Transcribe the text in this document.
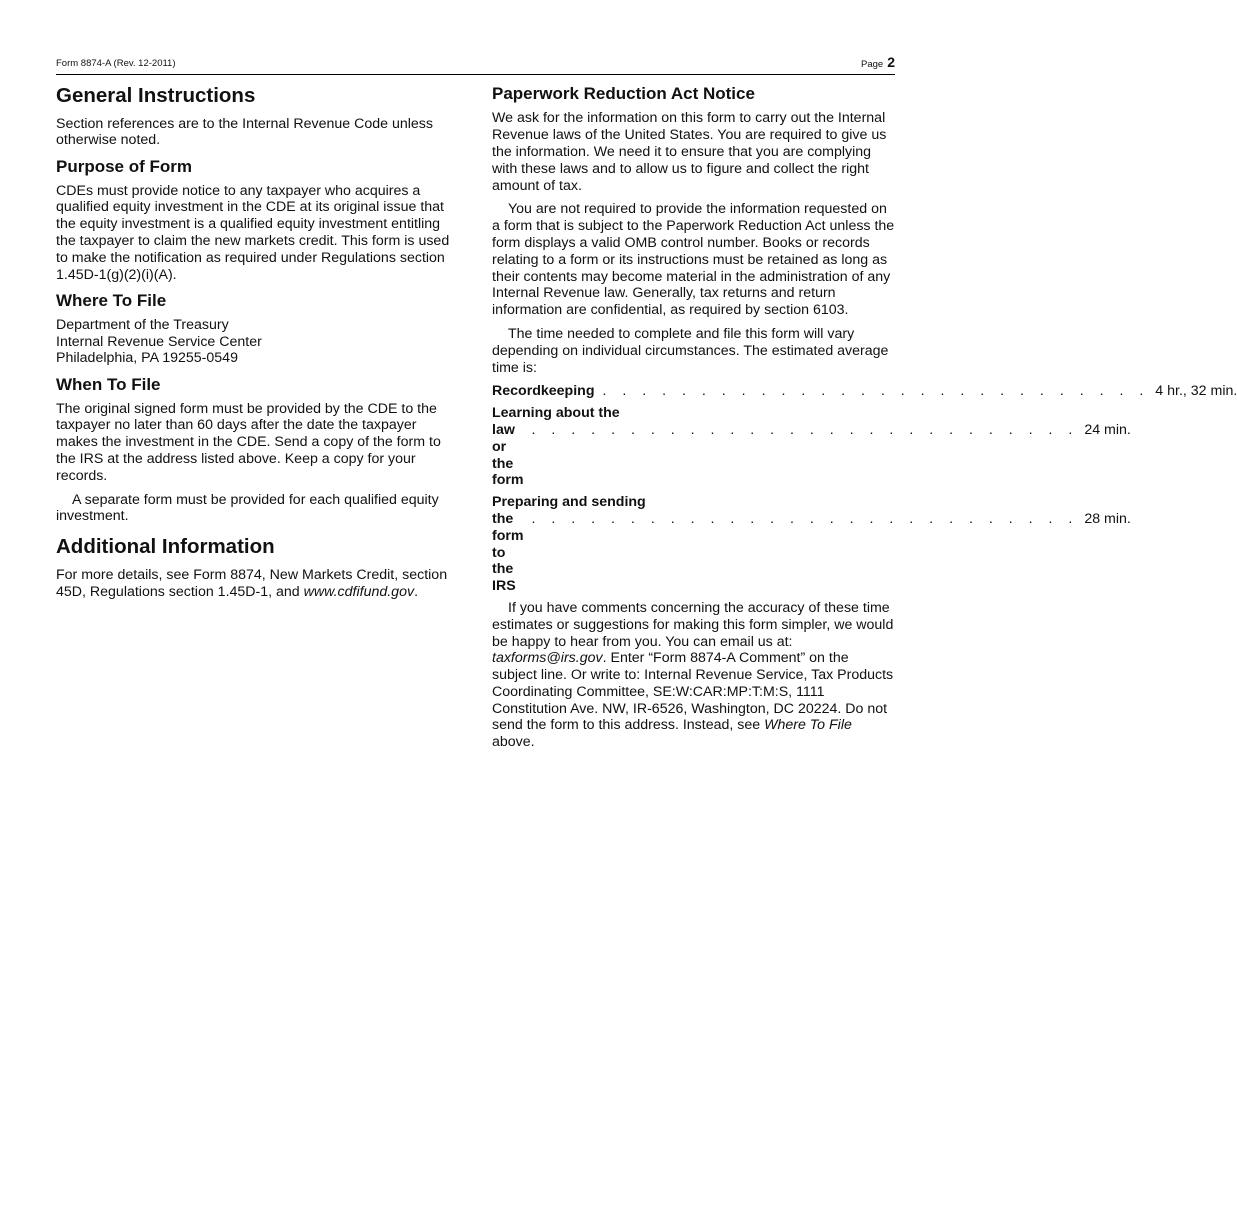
Form 8874-A (Rev. 12-2011)	Page 2
General Instructions

Section references are to the Internal Revenue Code unless otherwise noted.

Purpose of Form

CDEs must provide notice to any taxpayer who acquires a qualified equity investment in the CDE at its original issue that the equity investment is a qualified equity investment entitling the taxpayer to claim the new markets credit. This form is used to make the notification as required under Regulations section 1.45D-1(g)(2)(i)(A).

Where To File

Department of the Treasury
Internal Revenue Service Center
Philadelphia, PA 19255-0549

When To File

The original signed form must be provided by the CDE to the taxpayer no later than 60 days after the date the taxpayer makes the investment in the CDE. Send a copy of the form to the IRS at the address listed above. Keep a copy for your records.

A separate form must be provided for each qualified equity investment.

Additional Information

For more details, see Form 8874, New Markets Credit, section 45D, Regulations section 1.45D-1, and www.cdfifund.gov.

Paperwork Reduction Act Notice

We ask for the information on this form to carry out the Internal Revenue laws of the United States. You are required to give us the information. We need it to ensure that you are complying with these laws and to allow us to figure and collect the right amount of tax.

You are not required to provide the information requested on a form that is subject to the Paperwork Reduction Act unless the form displays a valid OMB control number. Books or records relating to a form or its instructions must be retained as long as their contents may become material in the administration of any Internal Revenue law. Generally, tax returns and return information are confidential, as required by section 6103.

The time needed to complete and file this form will vary depending on individual circumstances. The estimated average time is:

Recordkeeping . . . . . . . . . . . . . . . . . . . . . . . . . . . . 4 hr., 32 min.
Learning about the
law or the form
. . . . . . . . . . . . . . . . . . . . . . . . . . . . 24 min.
Preparing and sending
the form to the IRS
. . . . . . . . . . . . . . . . . . . . . . . . . . . . 28 min.

If you have comments concerning the accuracy of these time estimates or suggestions for making this form simpler, we would be happy to hear from you. You can email us at: taxforms@irs.gov. Enter “Form 8874-A Comment” on the subject line. Or write to: Internal Revenue Service, Tax Products Coordinating Committee, SE:W:CAR:MP:T:M:S, 1111 Constitution Ave. NW, IR-6526, Washington, DC 20224. Do not send the form to this address. Instead, see Where To File above.
